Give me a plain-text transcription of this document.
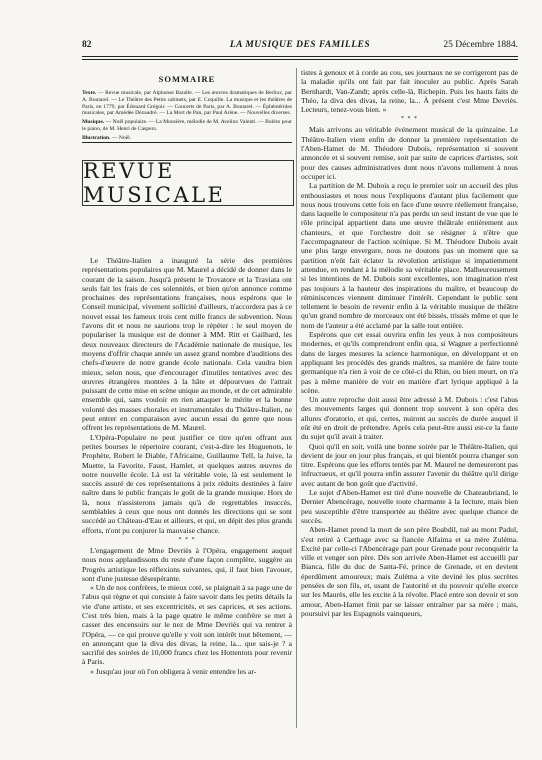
82	LA MUSIQUE DES FAMILLES	25 Décembre 1884.
SOMMAIRE

Texte. — Revue musicale, par Alphonse Baralle. — Les œuvres dramatiques de Berlioz, par A. Boutarel. — Le Théâtre des Petits cabinets, par E. Coquille. La musique et les théâtres de Paris, en 1779, par Édouard Grégoir. — Concerts de Paris, par A. Boutarel. — Éphémérides musicales, par Amédée Dézaudré. — La Mort de Pan, par Paul Arène. — Nouvelles diverses.

Musique. — Noël populaire. — La Mousière, mélodie de M. Avelino Valenti. — Boléro pour le piano, de M. Henri de Caspers.

Illustration. — Noël.

REVUE MUSICALE

Le Théâtre-Italien a inauguré la série des premières représentations populaires que M. Maurel a décidé de donner dans le courant de la saison. Jusqu'à présent le Trovatore et la Traviata ont seuls fait les frais de ces solennités, et bien qu'on annonce comme prochaines des représentations françaises, nous espérons que le Conseil municipal, vivement sollicité d'ailleurs, n'accordera pas à ce nouvel essai les fameux trois cent mille francs de subvention. Nous l'avons dit et nous ne saurions trop le répéter : le seul moyen de populariser la musique est de donner à MM. Ritt et Gailhard, les deux nouveaux directeurs de l'Académie nationale de musique, les moyens d'offrir chaque année un assez grand nombre d'auditions des chefs-d'œuvre de notre grande école nationale. Cela vaudra bien mieux, selon nous, que d'encourager d'inutiles tentatives avec des œuvres étrangères montées à la hâte et dépourvues de l'attrait puissant de cette mise en scène unique au monde, et de cet admirable ensemble qui, sans vouloir en rien attaquer le mérite et la bonne volonté des masses chorales et instrumentales du Théâtre-Italien, ne peut entrer en comparaison avec aucun essai du genre que nous offrent les représentations de M. Maurel.

L'Opéra-Populaire ne peut justifier ce titre qu'en offrant aux petites bourses le répertoire courant, c'est-à-dire les Huguenots, le Prophète, Robert le Diable, l'Africaine, Guillaume Tell, la Juive, la Muette, la Favorite, Faust, Hamlet, et quelques autres œuvres de notre nouvelle école. Là est la véritable voie, là est seulement le succès assuré de ces représentations à prix réduits destinées à faire naître dans le public français le goût de la grande musique. Hors de là, nous n'assisterons jamais qu'à de regrettables insuccès, semblables à ceux que nous ont donnés les directions qui se sont succédé au Château-d'Eau et ailleurs, et qui, en dépit des plus grands efforts, n'ont pu conjurer la mauvaise chance.

* * *

L'engagement de Mme Devriès à l'Opéra, engagement auquel nous nous applaudissons du reste d'une façon complète, suggère au Progrès artistique les réflexions suivantes, qui, il faut bien l'avouer, sont d'une justesse désespérante.

« Un de nos confrères, le mieux coté, se plaignait à sa page une de l'abus qui règne et qui consiste à faire savoir dans les petits détails la vie d'une artiste, et ses excentricités, et ses caprices, et ses actions. C'est très bien, mais à la page quatre le même confrère se met à casser des encensoirs sur le nez de Mme Devriès qui va rentrer à l'Opéra, — ce qui prouve qu'elle y voit son intérêt tout bêtement, — en annonçant que la diva des divas, la reine, la... que sais-je ? a sacrifié des soirées de 10,000 francs chez les Hottentots pour revenir à Paris.

« Jusqu'au jour où l'on obligera à venir entendre les ar-

tistes à genoux et à corde au cou, ses journaux ne se corrigeront pas de la maladie qu'ils ont fait par fait inoculer au public. Après Sarah Bernhardt, Van-Zandt; après celle-là, Richepin. Puis les hauts faits de Théo, la diva des divas, la reine, la... À présent c'est Mme Devriès. Lecteurs, tenez-vous bien. »

* * *

Mais arrivons au véritable événement musical de la quinzaine. Le Théâtre-Italien vient enfin de donner la première représentation de l'Aben-Hamet de M. Théodore Dubois, représentation si souvent annoncée et si souvent remise, soit par suite de caprices d'artistes, soit pour des causes administratives dont nous n'avons nullement à nous occuper ici.

La partition de M. Dubois a reçu le premier soir un accueil des plus enthousiastes et nous nous l'expliquons d'autant plus facilement que nous nous trouvons cette fois en face d'une œuvre réellement française, dans laquelle le compositeur n'a pas perdu un seul instant de vue que le rôle principal appartient dans une œuvre théâtrale entièrement aux chanteurs, et que l'orchestre doit se résigner à n'être que l'accompagnateur de l'action scénique. Si M. Théodore Dubois avait une plus large envergure, nous ne doutons pas un moment que sa partition n'eût fait éclater la révolution artistique si impatiemment attendue, en rendant à la mélodie sa véritable place. Malheureusement si les intentions de M. Dubois sont excellentes, son imagination n'est pas toujours à la hauteur des inspirations du maître, et beaucoup de réminiscences viennent diminuer l'intérêt. Cependant le public sent tellement le besoin de revenir enfin à la véritable musique de théâtre qu'un grand nombre de morceaux ont été bissés, trissés même et que le nom de l'auteur a été acclamé par la salle tout entière.

Espérons que cet essai ouvrira enfin les yeux à nos compositeurs modernes, et qu'ils comprendront enfin qua, si Wagner a perfectionné dans de larges mesures la science harmonique, en développant et en appliquant les procédés des grands maîtres, sa manière de faire toute germanique n'a rien à voir de ce côté-ci du Rhin, ou bien meurt, on n'a pas à même manière de voir en matière d'art lyrique appliqué à la scène.

Un autre reproche doit aussi être adressé à M. Dubois : c'est l'abus des mouvements larges qui donnent trop souvent à son opéra des allures d'oratorio, et qui, certes, nuiront au succès de durée auquel il eût été en droit de prétendre. Après cela peut-être aussi est-ce la faute du sujet qu'il avait à traiter.

Quoi qu'il en soit, voilà une bonne soirée par le Théâtre-Italien, qui devient de jour en jour plus français, et qui bientôt pourra changer son titre. Espérons que les efforts tentés par M. Maurel ne demeureront pas infructueux, et qu'il pourra enfin assurer l'avenir du théâtre qu'il dirige avec autant de bon goût que d'activité.

Le sujet d'Aben-Hamet est tiré d'une nouvelle de Chateaubriand, le Dernier Abencérage, nouvelle toute charmante à la lecture, mais bien peu susceptible d'être transportée au théâtre avec quelque chance de succès.

Aben-Hamet prend la mort de son père Boabdil, tué au mont Padul, s'est retiré à Carthage avec sa fiancée Alfaima et sa mère Zuléma. Excité par celle-ci l'Abencérage part pour Grenade pour reconquérir la ville et venger son père. Dès son arrivée Aben-Hamet est accueilli par Bianca, fille du duc de Santa-Fé, prince de Grenade, et en devient éperdûment amoureux; mais Zuléma a vite deviné les plus secrètes pensées de son fils, et, usant de l'autorité et du pouvoir qu'elle exerce sur les Maurès, elle les excite à la révolte. Placé entre son devoir et son amour, Aben-Hamet finit par se laisser entraîner par sa mère ; mais, poursuivi par les Espagnols vainqueurs,
